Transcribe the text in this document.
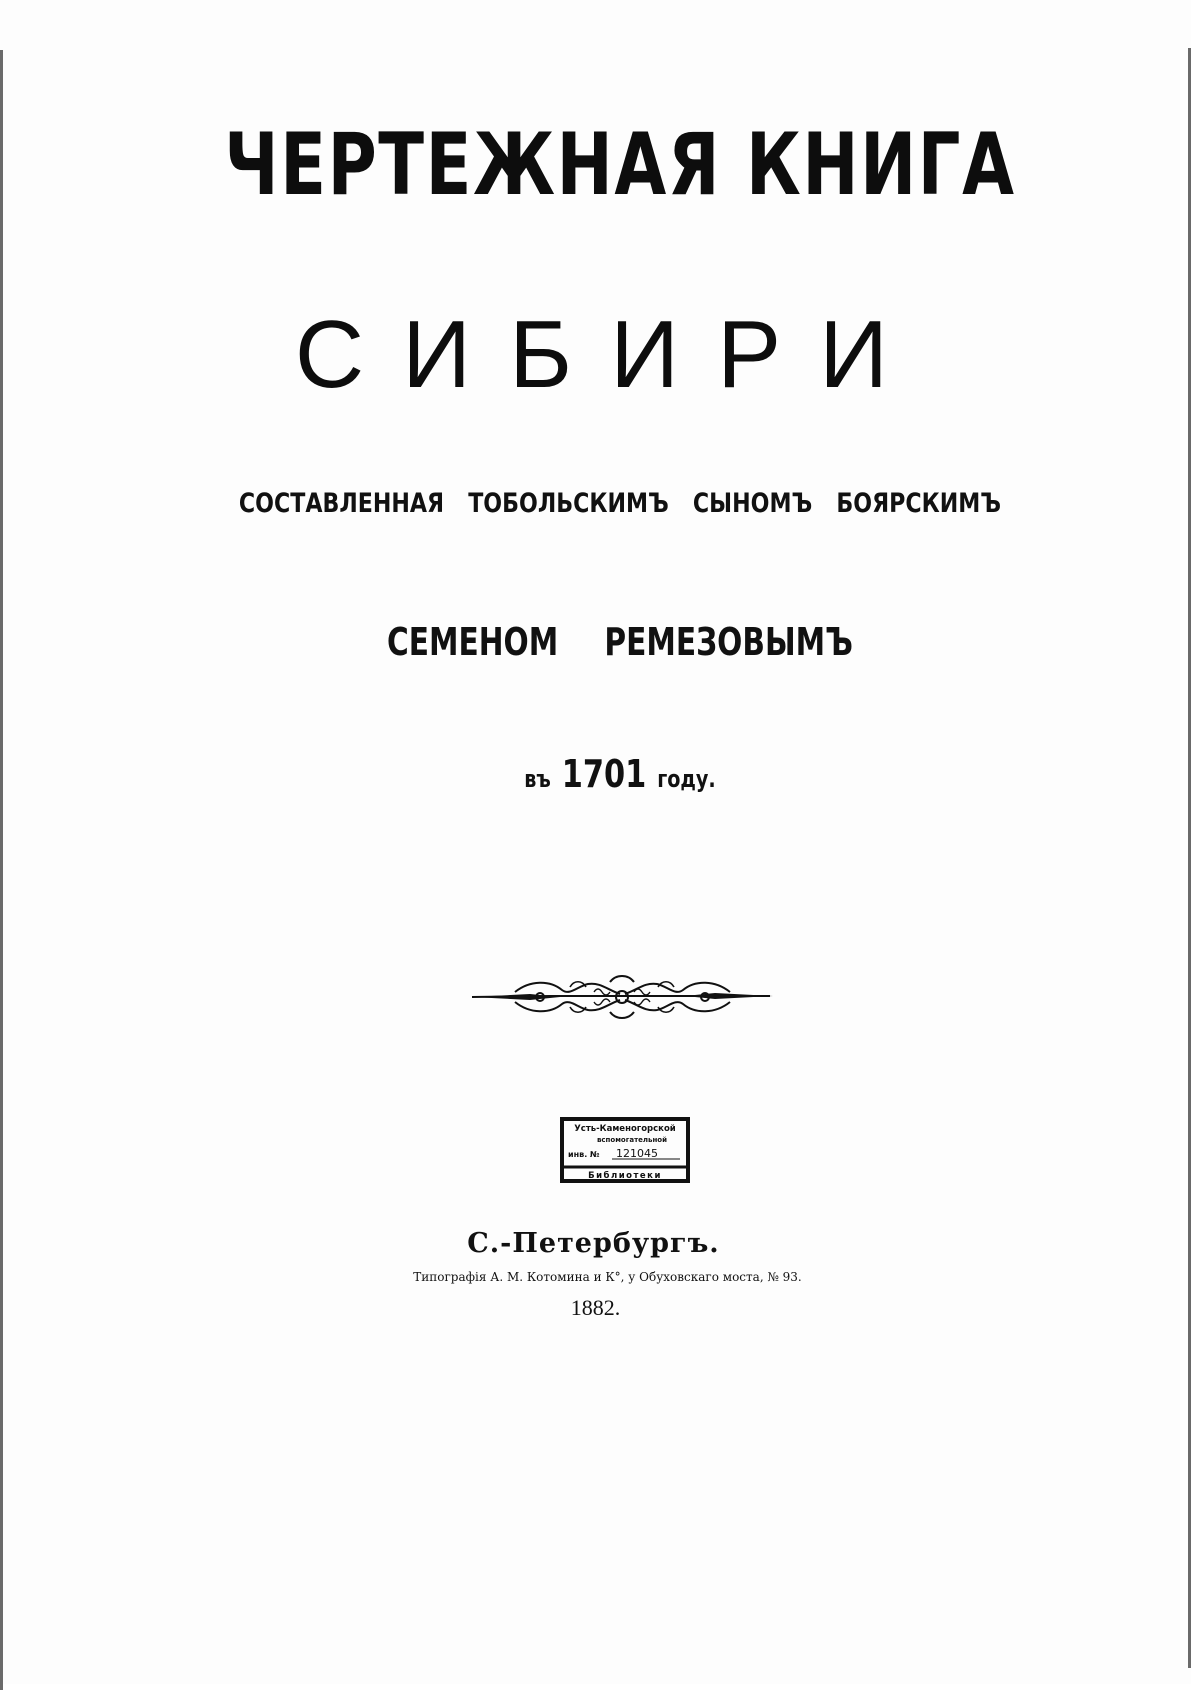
ЧЕРТЕЖНАЯ КНИГА
СИБИРИ
СОСТАВЛЕННАЯ ТОБОЛЬСКИМЪ СЫНОМЪ БОЯРСКИМЪ
СЕМЕНОМ РЕМЕЗОВЫМЪ
въ 1701 году.
Усть-Каменогорской
вспомогательной
инв. № 121045
Библиотеки
С.-Петербургъ.
Типографія А. М. Котомина и К°, у Обуховскаго моста, № 93.
1882.
